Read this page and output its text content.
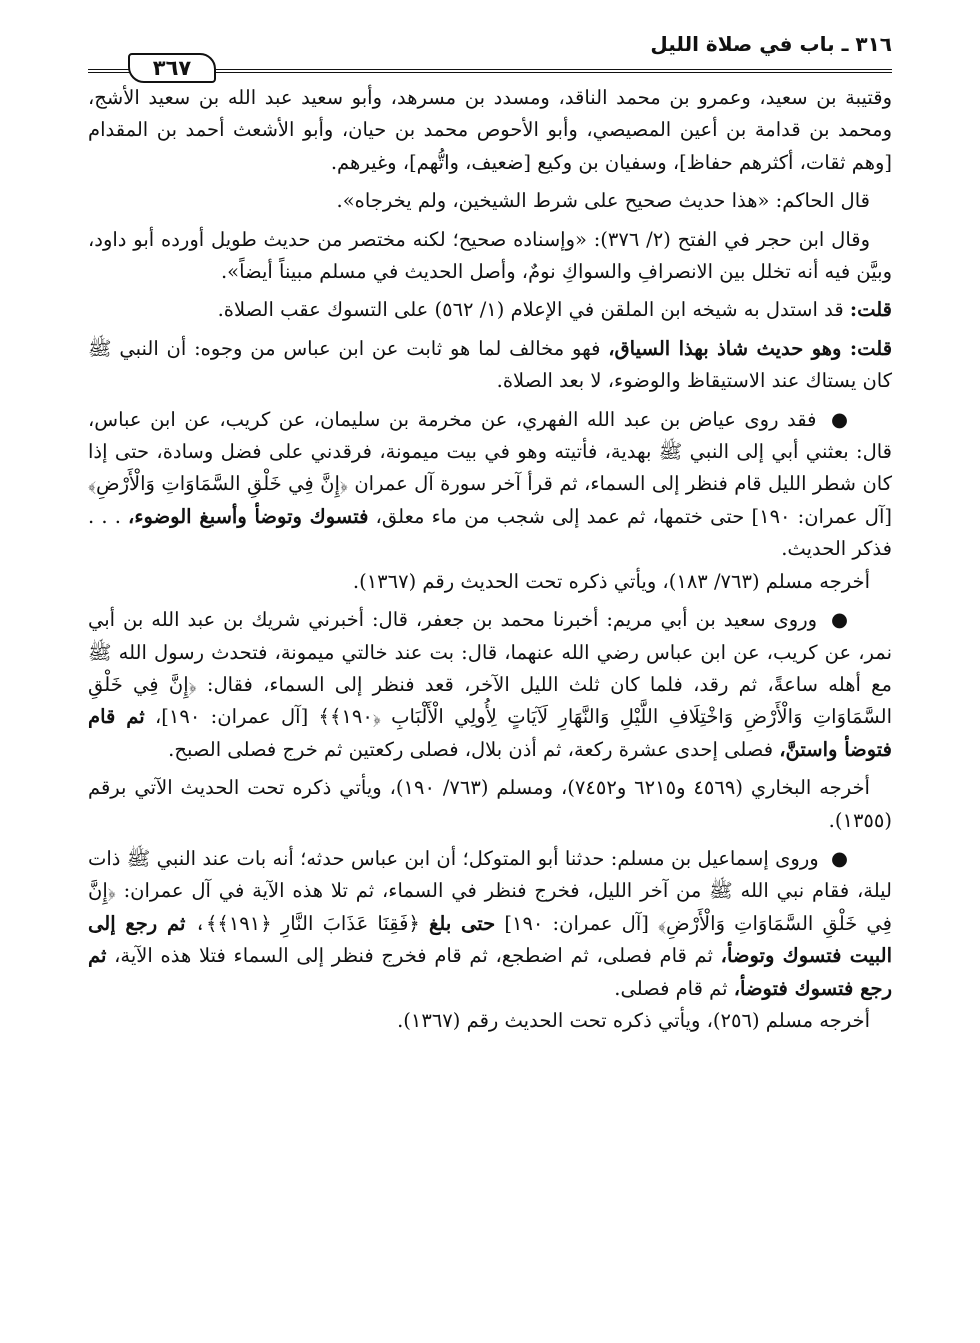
٣١٦ ـ باب في صلاة الليل
٣٦٧

وقتيبة بن سعيد، وعمرو بن محمد الناقد، ومسدد بن مسرهد، وأبو سعيد عبد الله بن سعيد الأشج، ومحمد بن قدامة بن أعين المصيصي، وأبو الأحوص محمد بن حيان، وأبو الأشعث أحمد بن المقدام [وهم ثقات، أكثرهم حفاظ]، وسفيان بن وكيع [ضعيف، واتُّهم]، وغيرهم.

قال الحاكم: «هذا حديث صحيح على شرط الشيخين، ولم يخرجاه».

وقال ابن حجر في الفتح (٢/ ٣٧٦): «وإسناده صحيح؛ لكنه مختصر من حديث طويل أورده أبو داود، وبيَّن فيه أنه تخلل بين الانصرافِ والسواكِ نومٌ، وأصل الحديث في مسلم مبيناً أيضاً».

قلت: قد استدل به شيخه ابن الملقن في الإعلام (١/ ٥٦٢) على التسوك عقب الصلاة.

قلت: وهو حديث شاذ بهذا السياق، فهو مخالف لما هو ثابت عن ابن عباس من وجوه: أن النبي ﷺ كان يستاك عند الاستيقاظ والوضوء، لا بعد الصلاة.

● فقد روى عياض بن عبد الله الفهري، عن مخرمة بن سليمان، عن كريب، عن ابن عباس، قال: بعثني أبي إلى النبي ﷺ بهدية، فأتيته وهو في بيت ميمونة، فرقدني على فضل وسادة، حتى إذا كان شطر الليل قام فنظر إلى السماء، ثم قرأ آخر سورة آل عمران ﴿إِنَّ فِي خَلْقِ السَّمَاوَاتِ وَالْأَرْضِ﴾ [آل عمران: ١٩٠] حتى ختمها، ثم عمد إلى شجب من ماء معلق، فتسوك وتوضأ وأسبغ الوضوء، . . . فذكر الحديث.

أخرجه مسلم (٧٦٣/ ١٨٣)، ويأتي ذكره تحت الحديث رقم (١٣٦٧).

● وروى سعيد بن أبي مريم: أخبرنا محمد بن جعفر، قال: أخبرني شريك بن عبد الله بن أبي نمر، عن كريب، عن ابن عباس رضي الله عنهما، قال: بت عند خالتي ميمونة، فتحدث رسول الله ﷺ مع أهله ساعةً، ثم رقد، فلما كان ثلث الليل الآخر، قعد فنظر إلى السماء، فقال: ﴿إِنَّ فِي خَلْقِ السَّمَاوَاتِ وَالْأَرْضِ وَاخْتِلَافِ اللَّيْلِ وَالنَّهَارِ لَآيَاتٍ لِأُولِي الْأَلْبَابِ ﴿١٩٠﴾﴾ [آل عمران: ١٩٠]، ثم قام فتوضأ واستنَّ، فصلى إحدى عشرة ركعة، ثم أذن بلال، فصلى ركعتين ثم خرج فصلى الصبح.

أخرجه البخاري (٤٥٦٩ و٦٢١٥ و٧٤٥٢)، ومسلم (٧٦٣/ ١٩٠)، ويأتي ذكره تحت الحديث الآتي برقم (١٣٥٥).

● وروى إسماعيل بن مسلم: حدثنا أبو المتوكل؛ أن ابن عباس حدثه؛ أنه بات عند النبي ﷺ ذات ليلة، فقام نبي الله ﷺ من آخر الليل، فخرج فنظر في السماء، ثم تلا هذه الآية في آل عمران: ﴿إِنَّ فِي خَلْقِ السَّمَاوَاتِ وَالْأَرْضِ﴾ [آل عمران: ١٩٠] حتى بلغ ﴿فَقِنَا عَذَابَ النَّارِ ﴿١٩١﴾﴾، ثم رجع إلى البيت فتسوك وتوضأ، ثم قام فصلى، ثم اضطجع، ثم قام فخرج فنظر إلى السماء فتلا هذه الآية، ثم رجع فتسوك فتوضأ، ثم قام فصلى.

أخرجه مسلم (٢٥٦)، ويأتي ذكره تحت الحديث رقم (١٣٦٧).
